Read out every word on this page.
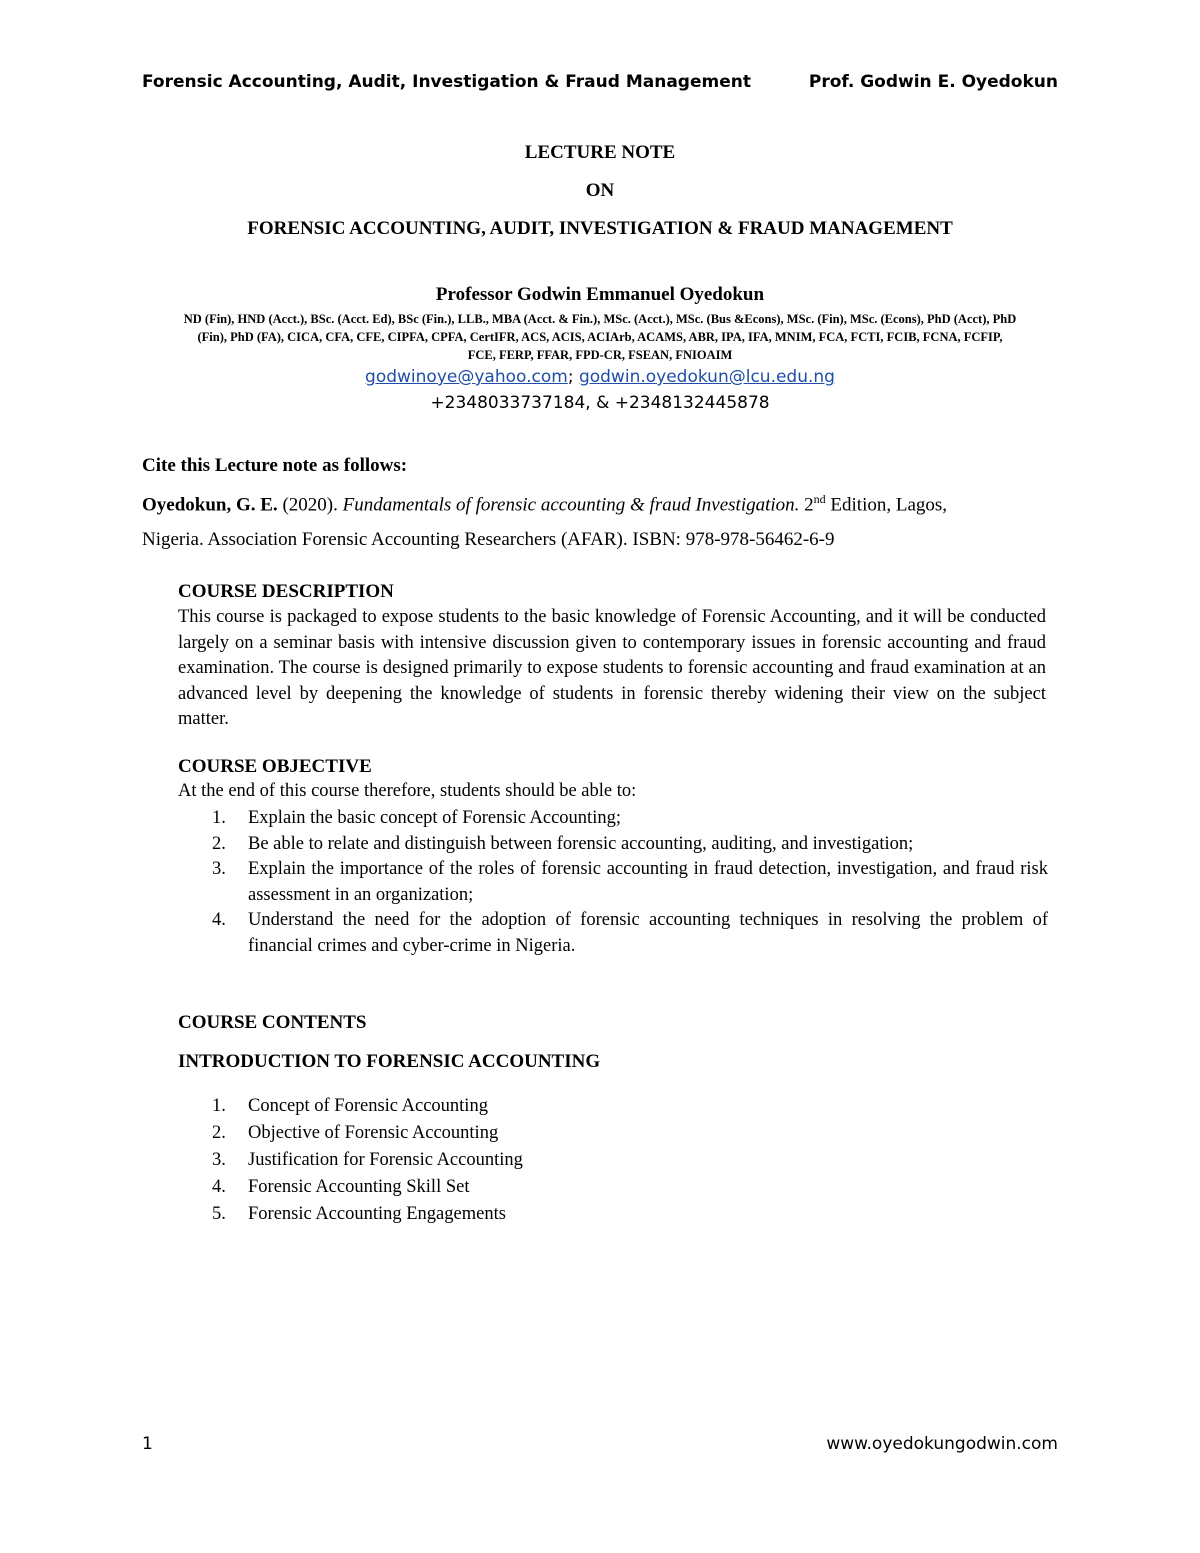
Forensic Accounting, Audit, Investigation & Fraud Management	Prof. Godwin E. Oyedokun
LECTURE NOTE
ON
FORENSIC ACCOUNTING, AUDIT, INVESTIGATION & FRAUD MANAGEMENT
Professor Godwin Emmanuel Oyedokun
ND (Fin), HND (Acct.), BSc. (Acct. Ed), BSc (Fin.), LLB., MBA (Acct. & Fin.), MSc. (Acct.), MSc. (Bus &Econs), MSc. (Fin), MSc. (Econs), PhD (Acct), PhD
(Fin), PhD (FA), CICA, CFA, CFE, CIPFA, CPFA, CertIFR, ACS, ACIS, ACIArb, ACAMS, ABR, IPA, IFA, MNIM, FCA, FCTI, FCIB, FCNA, FCFIP,
FCE, FERP, FFAR, FPD-CR, FSEAN, FNIOAIM
godwinoye@yahoo.com; godwin.oyedokun@lcu.edu.ng
+2348033737184, & +2348132445878
Cite this Lecture note as follows:
Oyedokun, G. E. (2020). Fundamentals of forensic accounting & fraud Investigation. 2nd Edition, Lagos,
Nigeria. Association Forensic Accounting Researchers (AFAR). ISBN: 978-978-56462-6-9
COURSE DESCRIPTION
This course is packaged to expose students to the basic knowledge of Forensic Accounting, and it will be conducted largely on a seminar basis with intensive discussion given to contemporary issues in forensic accounting and fraud examination. The course is designed primarily to expose students to forensic accounting and fraud examination at an advanced level by deepening the knowledge of students in forensic thereby widening their view on the subject matter.
COURSE OBJECTIVE
At the end of this course therefore, students should be able to:
1. Explain the basic concept of Forensic Accounting;
2. Be able to relate and distinguish between forensic accounting, auditing, and investigation;
3. Explain the importance of the roles of forensic accounting in fraud detection, investigation, and fraud risk assessment in an organization;
4. Understand the need for the adoption of forensic accounting techniques in resolving the problem of financial crimes and cyber-crime in Nigeria.
COURSE CONTENTS
INTRODUCTION TO FORENSIC ACCOUNTING
1. Concept of Forensic Accounting
2. Objective of Forensic Accounting
3. Justification for Forensic Accounting
4. Forensic Accounting Skill Set
5. Forensic Accounting Engagements
1	www.oyedokungodwin.com
